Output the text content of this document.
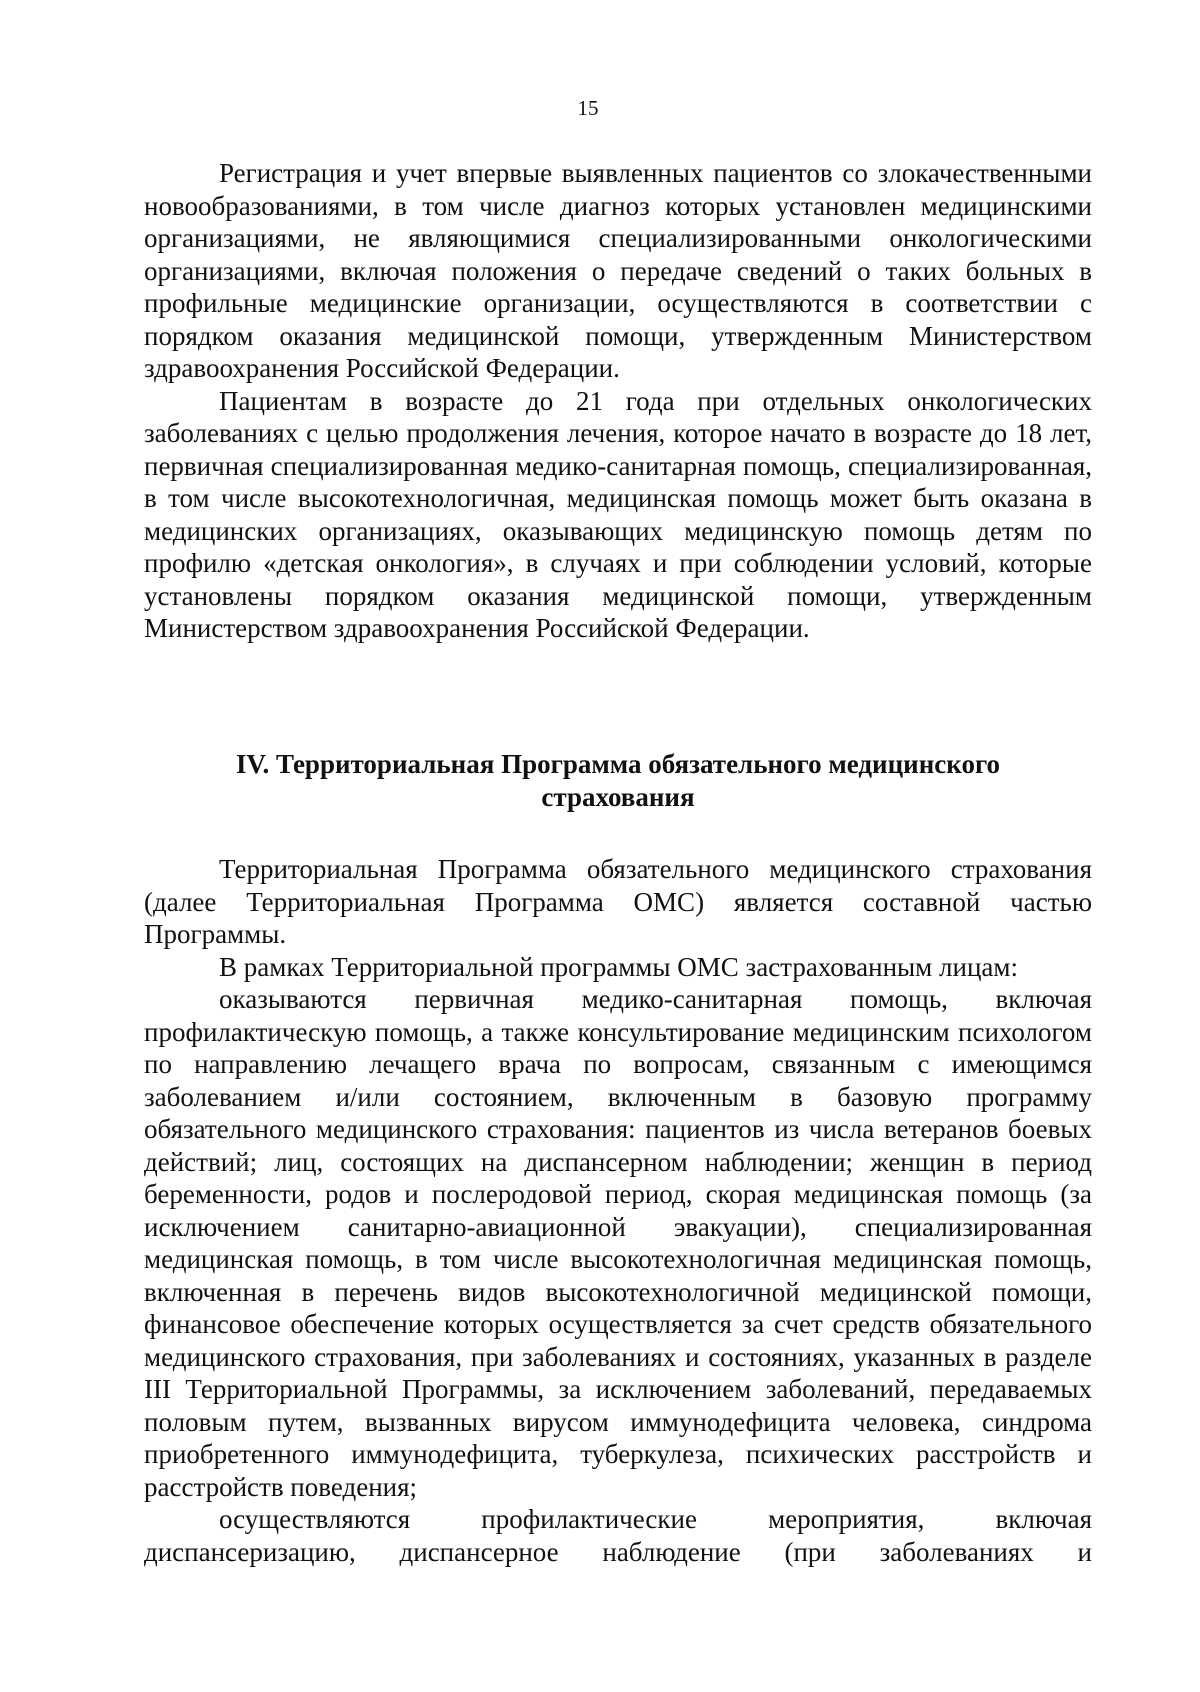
15

Регистрация и учет впервые выявленных пациентов со злокачественными новообразованиями, в том числе диагноз которых установлен медицинскими организациями, не являющимися специализированными онкологическими организациями, включая положения о передаче сведений о таких больных в профильные медицинские организации, осуществляются в соответствии с порядком оказания медицинской помощи, утвержденным Министерством здравоохранения Российской Федерации.

Пациентам в возрасте до 21 года при отдельных онкологических заболеваниях с целью продолжения лечения, которое начато в возрасте до 18 лет, первичная специализированная медико-санитарная помощь, специализированная, в том числе высокотехнологичная, медицинская помощь может быть оказана в медицинских организациях, оказывающих медицинскую помощь детям по профилю «детская онкология», в случаях и при соблюдении условий, которые установлены порядком оказания медицинской помощи, утвержденным Министерством здравоохранения Российской Федерации.

IV. Территориальная Программа обязательного медицинского
страхования

Территориальная Программа обязательного медицинского страхования (далее Территориальная Программа ОМС) является составной частью Программы.

В рамках Территориальной программы ОМС застрахованным лицам:

оказываются первичная медико-санитарная помощь, включая профилактическую помощь, а также консультирование медицинским психологом по направлению лечащего врача по вопросам, связанным с имеющимся заболеванием и/или состоянием, включенным в базовую программу обязательного медицинского страхования: пациентов из числа ветеранов боевых действий; лиц, состоящих на диспансерном наблюдении; женщин в период беременности, родов и послеродовой период, скорая медицинская помощь (за исключением санитарно-авиационной эвакуации), специализированная медицинская помощь, в том числе высокотехнологичная медицинская помощь, включенная в перечень видов высокотехнологичной медицинской помощи, финансовое обеспечение которых осуществляется за счет средств обязательного медицинского страхования, при заболеваниях и состояниях, указанных в разделе III Территориальной Программы, за исключением заболеваний, передаваемых половым путем, вызванных вирусом иммунодефицита человека, синдрома приобретенного иммунодефицита, туберкулеза, психических расстройств и расстройств поведения;

осуществляются профилактические мероприятия, включая диспансеризацию, диспансерное наблюдение (при заболеваниях и
